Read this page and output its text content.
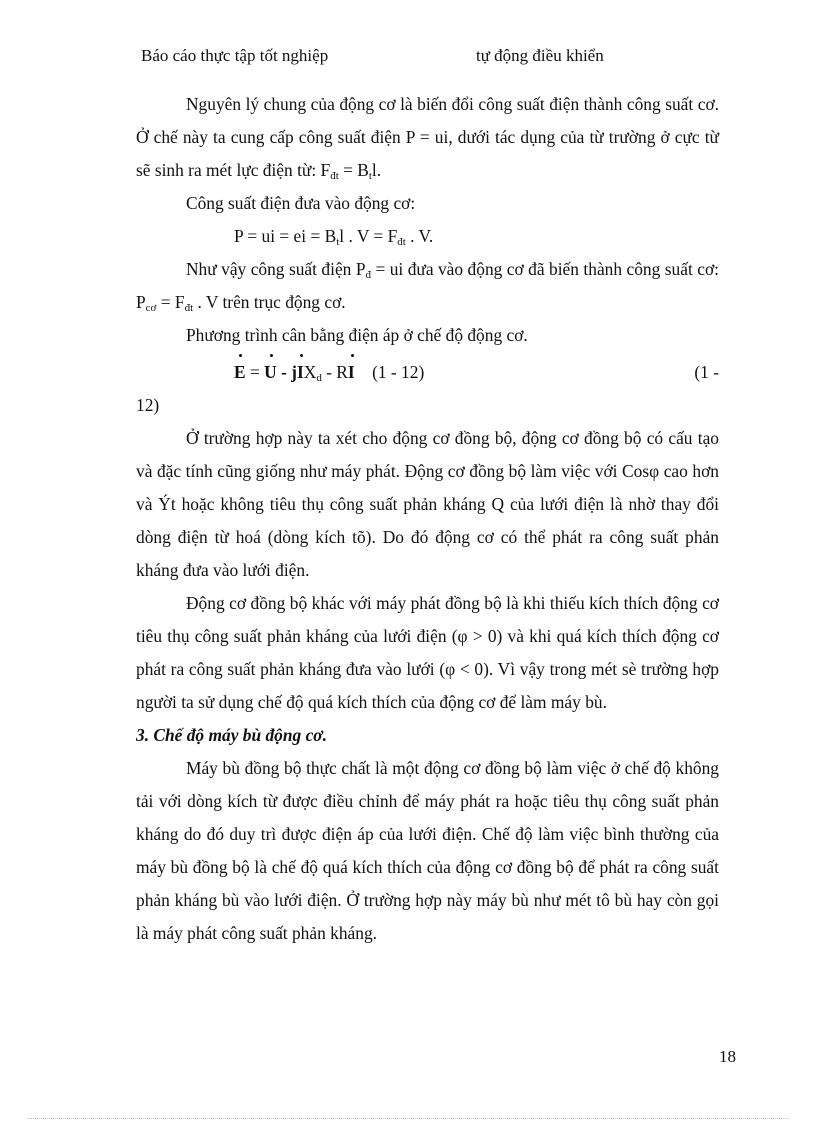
Báo cáo thực tập tốt nghiệp	tự động điều khiển

Nguyên lý chung của động cơ là biến đổi công suất điện thành công suất cơ. Ở chế này ta cung cấp công suất điện P = ui, dưới tác dụng của từ trường ở cực từ sẽ sinh ra mét lực điện từ: $F_{đt} = B_tl$.

Công suất điện đưa vào động cơ:

P = ui = ei = $B_tl$ . $V = F_{đt}$ . V.

Như vậy công suất điện $P_đ$ = ui đưa vào động cơ đã biến thành công suất cơ: $P_{cơ} = F_{đt}$ . V trên trục động cơ.

Phương trình cân bằng điện áp ở chế độ động cơ.

E = U - jIX$_d$ - RI (1 - 12)	(1 -

12)

Ở trường hợp này ta xét cho động cơ đồng bộ, động cơ đồng bộ có cấu tạo và đặc tính cũng giống như máy phát. Động cơ đồng bộ làm việc với Cosφ cao hơn và Ýt hoặc không tiêu thụ công suất phản kháng Q của lưới điện là nhờ thay đổi dòng điện từ hoá (dòng kích tõ). Do đó động cơ có thể phát ra công suất phản kháng đưa vào lưới điện.

Động cơ đồng bộ khác với máy phát đồng bộ là khi thiếu kích thích động cơ tiêu thụ công suất phản kháng của lưới điện (φ > 0) và khi quá kích thích động cơ phát ra công suất phản kháng đưa vào lưới (φ < 0). Vì vậy trong mét sè trường hợp người ta sử dụng chế độ quá kích thích của động cơ để làm máy bù.

3. Chế độ máy bù động cơ.

Máy bù đồng bộ thực chất là một động cơ đồng bộ làm việc ở chế độ không tải với dòng kích từ được điều chỉnh để máy phát ra hoặc tiêu thụ công suất phản kháng do đó duy trì được điện áp của lưới điện. Chế độ làm việc bình thường của máy bù đồng bộ là chế độ quá kích thích của động cơ đồng bộ để phát ra công suất phản kháng bù vào lưới điện. Ở trường hợp này máy bù như mét tô bù hay còn gọi là máy phát công suất phản kháng.

18
